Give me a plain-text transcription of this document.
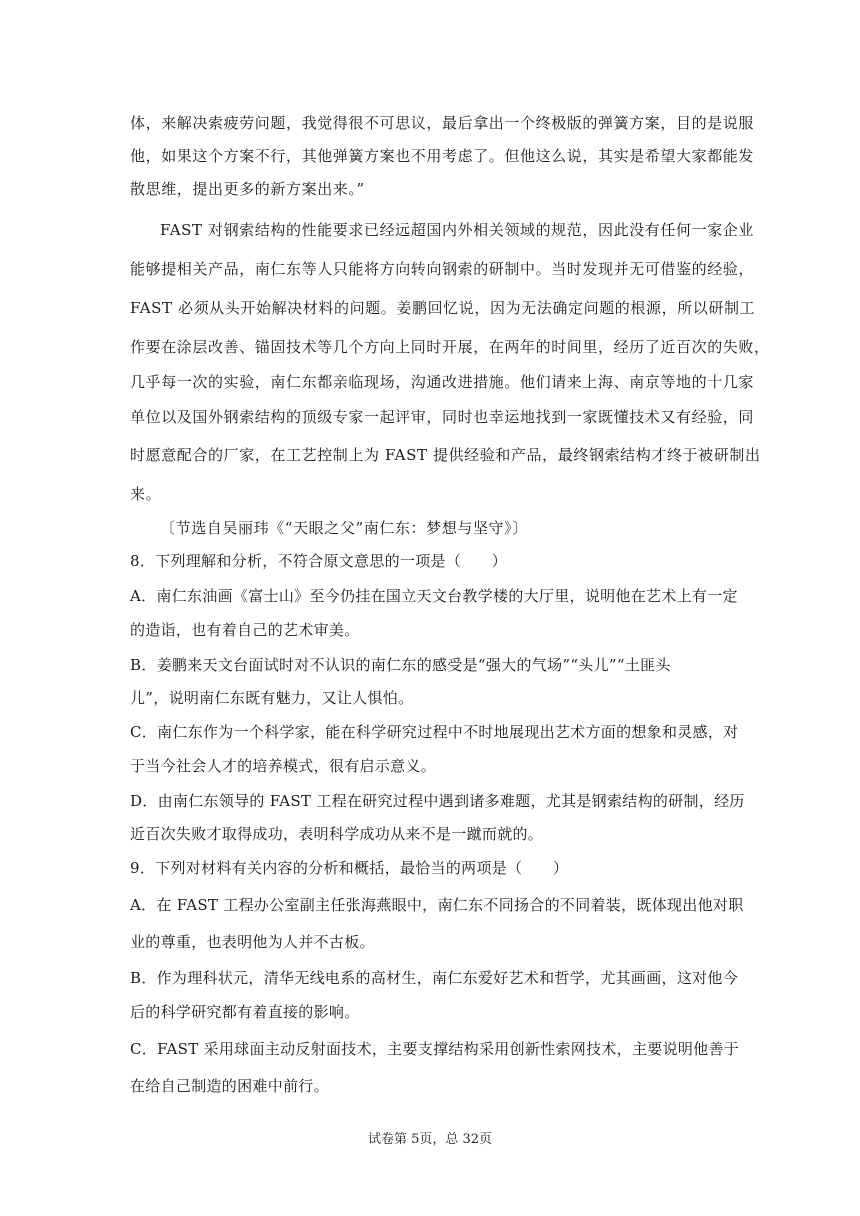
体，来解决索疲劳问题，我觉得很不可思议，最后拿出一个终极版的弹簧方案，目的是说服
他，如果这个方案不行，其他弹簧方案也不用考虑了。但他这么说，其实是希望大家都能发
散思维，提出更多的新方案出来。”
FAST 对钢索结构的性能要求已经远超国内外相关领域的规范，因此没有任何一家企业
能够提相关产品，南仁东等人只能将方向转向钢索的研制中。当时发现并无可借鉴的经验，
FAST 必须从头开始解决材料的问题。姜鹏回忆说，因为无法确定问题的根源，所以研制工
作要在涂层改善、锚固技术等几个方向上同时开展，在两年的时间里，经历了近百次的失败，
几乎每一次的实验，南仁东都亲临现场，沟通改进措施。他们请来上海、南京等地的十几家
单位以及国外钢索结构的顶级专家一起评审，同时也幸运地找到一家既懂技术又有经验，同
时愿意配合的厂家，在工艺控制上为 FAST 提供经验和产品，最终钢索结构才终于被研制出
来。
〔节选自吴丽玮《“天眼之父”南仁东：梦想与坚守》〕
8．下列理解和分析，不符合原文意思的一项是（　　）
A．南仁东油画《富士山》至今仍挂在国立天文台教学楼的大厅里，说明他在艺术上有一定
的造诣，也有着自己的艺术审美。
B．姜鹏来天文台面试时对不认识的南仁东的感受是“强大的气场”“头儿”“土匪头
儿”，说明南仁东既有魅力，又让人惧怕。
C．南仁东作为一个科学家，能在科学研究过程中不时地展现出艺术方面的想象和灵感，对
于当今社会人才的培养模式，很有启示意义。
D．由南仁东领导的 FAST 工程在研究过程中遇到诸多难题，尤其是钢索结构的研制，经历
近百次失败才取得成功，表明科学成功从来不是一蹴而就的。
9．下列对材料有关内容的分析和概括，最恰当的两项是（　　）
A．在 FAST 工程办公室副主任张海燕眼中，南仁东不同扬合的不同着装，既体现出他对职
业的尊重，也表明他为人并不古板。
B．作为理科状元，清华无线电系的高材生，南仁东爱好艺术和哲学，尤其画画，这对他今
后的科学研究都有着直接的影响。
C．FAST 采用球面主动反射面技术，主要支撑结构采用创新性索网技术，主要说明他善于
在给自己制造的困难中前行。
试卷第 5页，总 32页
